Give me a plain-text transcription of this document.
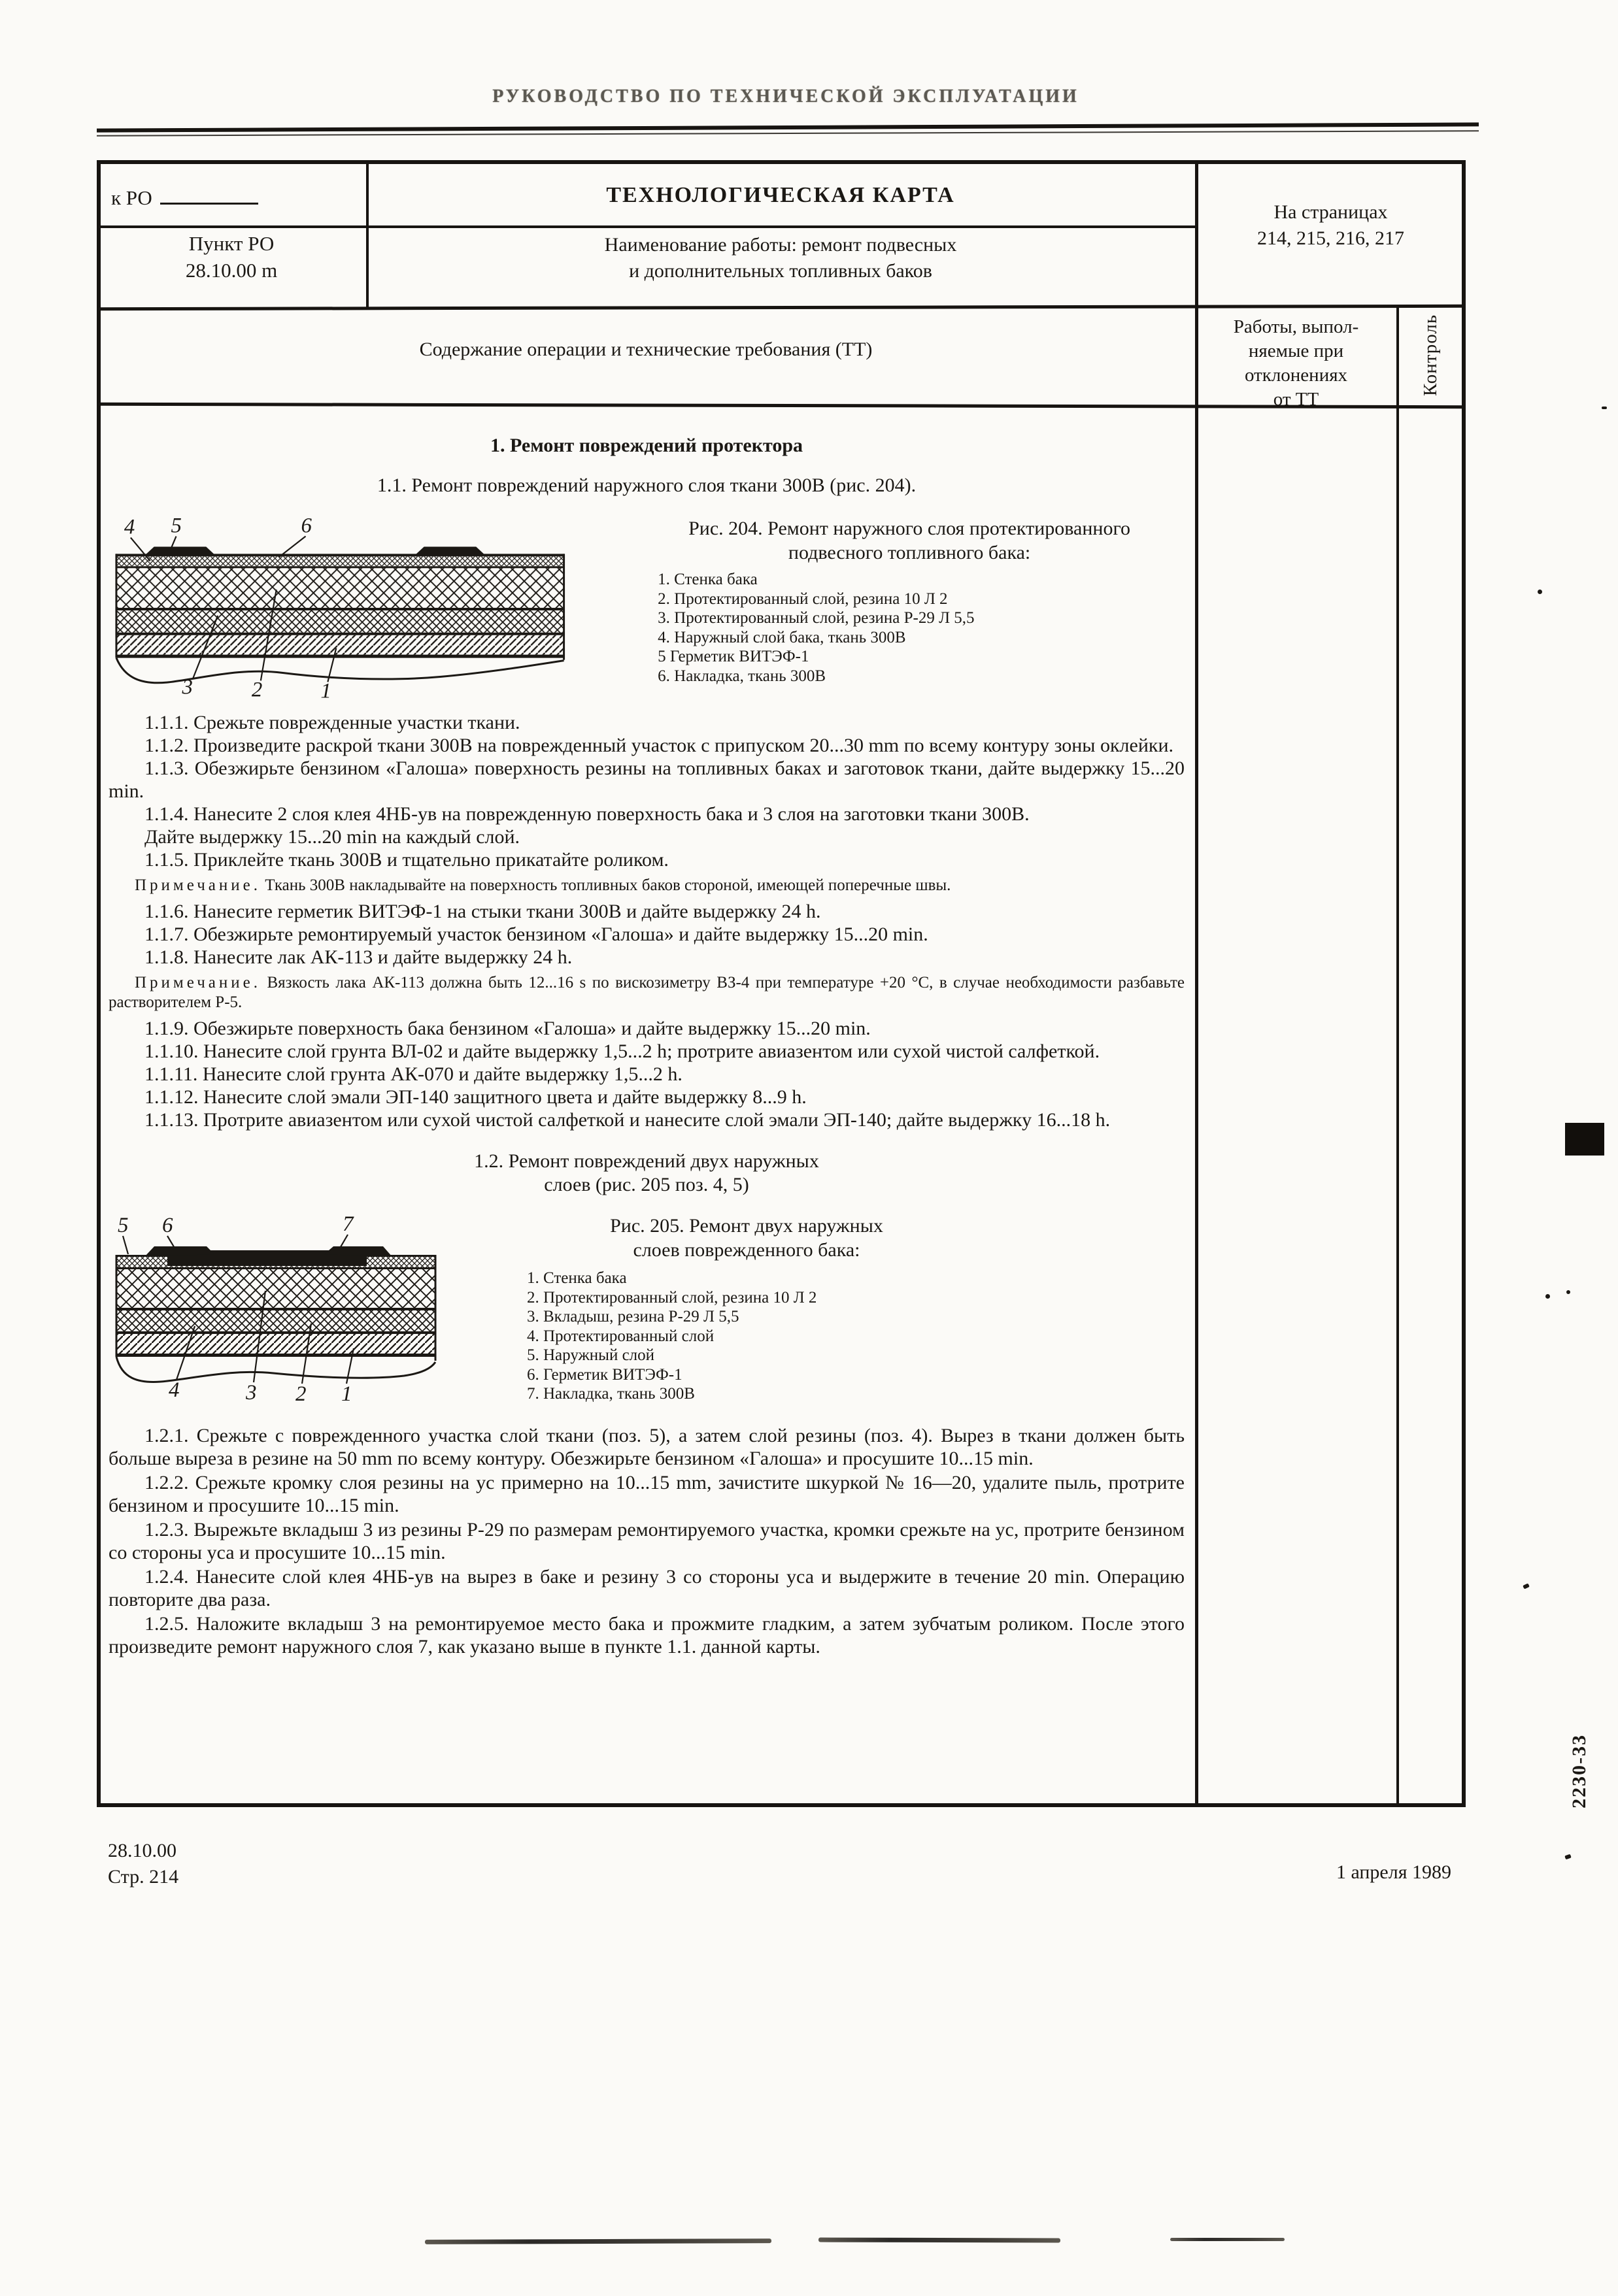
РУКОВОДСТВО ПО ТЕХНИЧЕСКОЙ ЭКСПЛУАТАЦИИ
к РО	ТЕХНОЛОГИЧЕСКАЯ КАРТА
На страницах
214, 215, 216, 217
Пункт РО
28.10.00 m
Наименование работы: ремонт подвесных
и дополнительных топливных баков
Содержание операции и технические требования (ТТ)
Работы, выпол-
няемые при
отклонениях
от ТТ
Контроль
1. Ремонт повреждений протектора
1.1. Ремонт повреждений наружного слоя ткани 300В (рис. 204).
4 5	6
3	2	1
Рис. 204. Ремонт наружного слоя протектированного
подвесного топливного бака:
1. Стенка бака
2. Протектированный слой, резина 10 Л 2
3. Протектированный слой, резина Р-29 Л 5,5
4. Наружный слой бака, ткань 300В
5 Герметик ВИТЭФ-1
6. Накладка, ткань 300В

1.1.1. Срежьте поврежденные участки ткани.

1.1.2. Произведите раскрой ткани 300В на поврежденный участок с припуском 20...30 mm по всему контуру зоны оклейки.

1.1.3. Обезжирьте бензином «Галоша» поверхность резины на топливных баках и заготовок ткани, дайте выдержку 15...20 min.

1.1.4. Нанесите 2 слоя клея 4НБ-ув на поврежденную поверхность бака и 3 слоя на заготовки ткани 300В.

Дайте выдержку 15...20 min на каждый слой.

1.1.5. Приклейте ткань 300В и тщательно прикатайте роликом.

Примечание. Ткань 300В накладывайте на поверхность топливных баков стороной, имеющей поперечные швы.

1.1.6. Нанесите герметик ВИТЭФ-1 на стыки ткани 300В и дайте выдержку 24 h.

1.1.7. Обезжирьте ремонтируемый участок бензином «Галоша» и дайте выдержку 15...20 min.

1.1.8. Нанесите лак АК-113 и дайте выдержку 24 h.

Примечание. Вязкость лака АК-113 должна быть 12...16 s по вискозиметру ВЗ-4 при температуре +20 °C, в случае необходимости разбавьте растворителем Р-5.

1.1.9. Обезжирьте поверхность бака бензином «Галоша» и дайте выдержку 15...20 min.

1.1.10. Нанесите слой грунта ВЛ-02 и дайте выдержку 1,5...2 h; протрите авиазентом или сухой чистой салфеткой.

1.1.11. Нанесите слой грунта АК-070 и дайте выдержку 1,5...2 h.

1.1.12. Нанесите слой эмали ЭП-140 защитного цвета и дайте выдержку 8...9 h.

1.1.13. Протрите авиазентом или сухой чистой салфеткой и нанесите слой эмали ЭП-140; дайте выдержку 16...18 h.

1.2. Ремонт повреждений двух наружных
слоев (рис. 205 поз. 4, 5)
5 6	7
4	3 2 1
Рис. 205. Ремонт двух наружных
слоев поврежденного бака:
1. Стенка бака
2. Протектированный слой, резина 10 Л 2
3. Вкладыш, резина Р-29 Л 5,5
4. Протектированный слой
5. Наружный слой
6. Герметик ВИТЭФ-1
7. Накладка, ткань 300В

1.2.1. Срежьте с поврежденного участка слой ткани (поз. 5), а затем слой резины (поз. 4). Вырез в ткани должен быть больше выреза в резине на 50 mm по всему контуру. Обезжирьте бензином «Галоша» и просушите 10...15 min.

1.2.2. Срежьте кромку слоя резины на ус примерно на 10...15 mm, зачистите шкуркой № 16—20, удалите пыль, протрите бензином и просушите 10...15 min.

1.2.3. Вырежьте вкладыш 3 из резины Р-29 по размерам ремонтируемого участка, кромки срежьте на ус, протрите бензином со стороны уса и просушите 10...15 min.

1.2.4. Нанесите слой клея 4НБ-ув на вырез в баке и резину 3 со стороны уса и выдержите в течение 20 min. Операцию повторите два раза.

1.2.5. Наложите вкладыш 3 на ремонтируемое место бака и прожмите гладким, а затем зубчатым роликом. После этого произведите ремонт наружного слоя 7, как указано выше в пункте 1.1. данной карты.

28.10.00
Стр. 214	1 апреля 1989
2230-33
